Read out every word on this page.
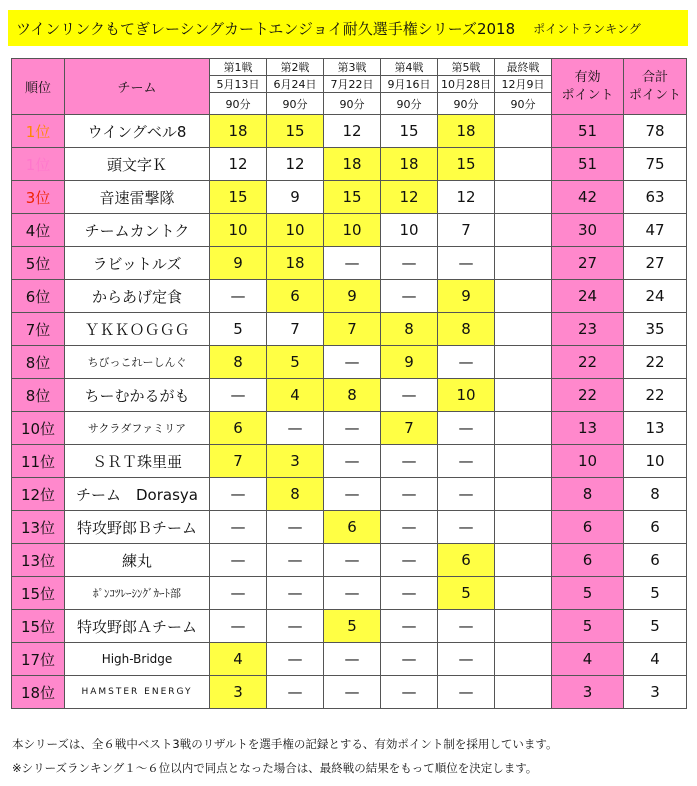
ツインリンクもてぎレーシングカートエンジョイ耐久選手権シリーズ2018 ポイントランキング
順位	チーム	第1戦	第2戦	第3戦	第4戦	第5戦	最終戦	有効
ポイント	合計
ポイント
		5月13日	6月24日	7月22日	9月16日	10月28日	12月9日		
		90分	90分	90分	90分	90分	90分		
1位	ウイングベル8	18	15	12	15	18		51	78
1位	頭文字Ｋ	12	12	18	18	15		51	75
3位	音速雷撃隊	15	9	15	12	12		42	63
4位	チームカントク	10	10	10	10	7		30	47
5位	ラビットルズ	9	18	—	—	—		27	27
6位	からあげ定食	—	6	9	—	9		24	24
7位	ＹＫＫＯＧＧＧ	5	7	7	8	8		23	35
8位	ちびっこれーしんぐ	8	5	—	9	—		22	22
8位	ちーむかるがも	—	4	8	—	10		22	22
10位	サクラダファミリア	6	—	—	7	—		13	13
11位	ＳＲＴ珠里亜	7	3	—	—	—		10	10
12位	チーム　Dorasya	—	8	—	—	—		8	8
13位	特攻野郎Ｂチーム	—	—	6	—	—		6	6
13位	練丸	—	—	—	—	6		6	6
15位	ﾎﾟﾝｺﾂﾚｰｼﾝｸﾞｶｰﾄ部	—	—	—	—	5		5	5
15位	特攻野郎Ａチーム	—	—	5	—	—		5	5
17位	High-Bridge	4	—	—	—	—		4	4
18位	HAMSTER ENERGY	3	—	—	—	—		3	3
本シリーズは、全６戦中ベスト3戦のリザルトを選手権の記録とする、有効ポイント制を採用しています。
※シリーズランキング１～６位以内で同点となった場合は、最終戦の結果をもって順位を決定します。
